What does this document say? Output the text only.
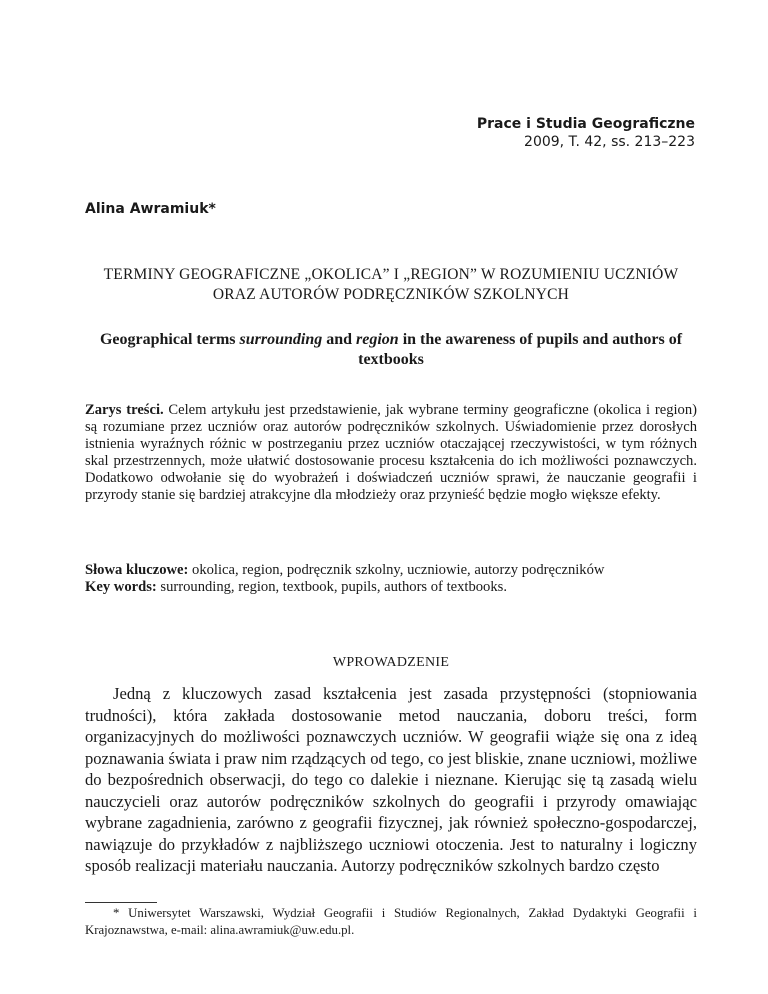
Prace i Studia Geograficzne
2009, T. 42, ss. 213–223
Alina Awramiuk*
TERMINY GEOGRAFICZNE „OKOLICA” I „REGION” W ROZUMIENIU UCZNIÓW ORAZ AUTORÓW PODRĘCZNIKÓW SZKOLNYCH
Geographical terms surrounding and region in the awareness of pupils and authors of textbooks
Zarys treści. Celem artykułu jest przedstawienie, jak wybrane terminy geograficzne (okolica i region) są rozumiane przez uczniów oraz autorów podręczników szkolnych. Uświadomienie przez dorosłych istnienia wyraźnych różnic w postrzeganiu przez uczniów otaczającej rzeczywistości, w tym różnych skal przestrzennych, może ułatwić dostosowanie procesu kształcenia do ich możliwości poznawczych. Dodatkowo odwołanie się do wyobrażeń i doświadczeń uczniów sprawi, że nauczanie geografii i przyrody stanie się bardziej atrakcyjne dla młodzieży oraz przynieść będzie mogło większe efekty.
Słowa kluczowe: okolica, region, podręcznik szkolny, uczniowie, autorzy podręczników
Key words: surrounding, region, textbook, pupils, authors of textbooks.
WPROWADZENIE
Jedną z kluczowych zasad kształcenia jest zasada przystępności (stopniowania trudności), która zakłada dostosowanie metod nauczania, doboru treści, form organizacyjnych do możliwości poznawczych uczniów. W geografii wiąże się ona z ideą poznawania świata i praw nim rządzących od tego, co jest bliskie, znane uczniowi, możliwe do bezpośrednich obserwacji, do tego co dalekie i nieznane. Kierując się tą zasadą wielu nauczycieli oraz autorów podręczników szkolnych do geografii i przyrody omawiając wybrane zagadnienia, zarówno z geografii fizycznej, jak również społeczno-gospodarczej, nawiązuje do przykładów z najbliższego uczniowi otoczenia. Jest to naturalny i logiczny sposób realizacji materiału nauczania. Autorzy podręczników szkolnych bardzo często
* Uniwersytet Warszawski, Wydział Geografii i Studiów Regionalnych, Zakład Dydaktyki Geografii i Krajoznawstwa, e-mail: alina.awramiuk@uw.edu.pl.
